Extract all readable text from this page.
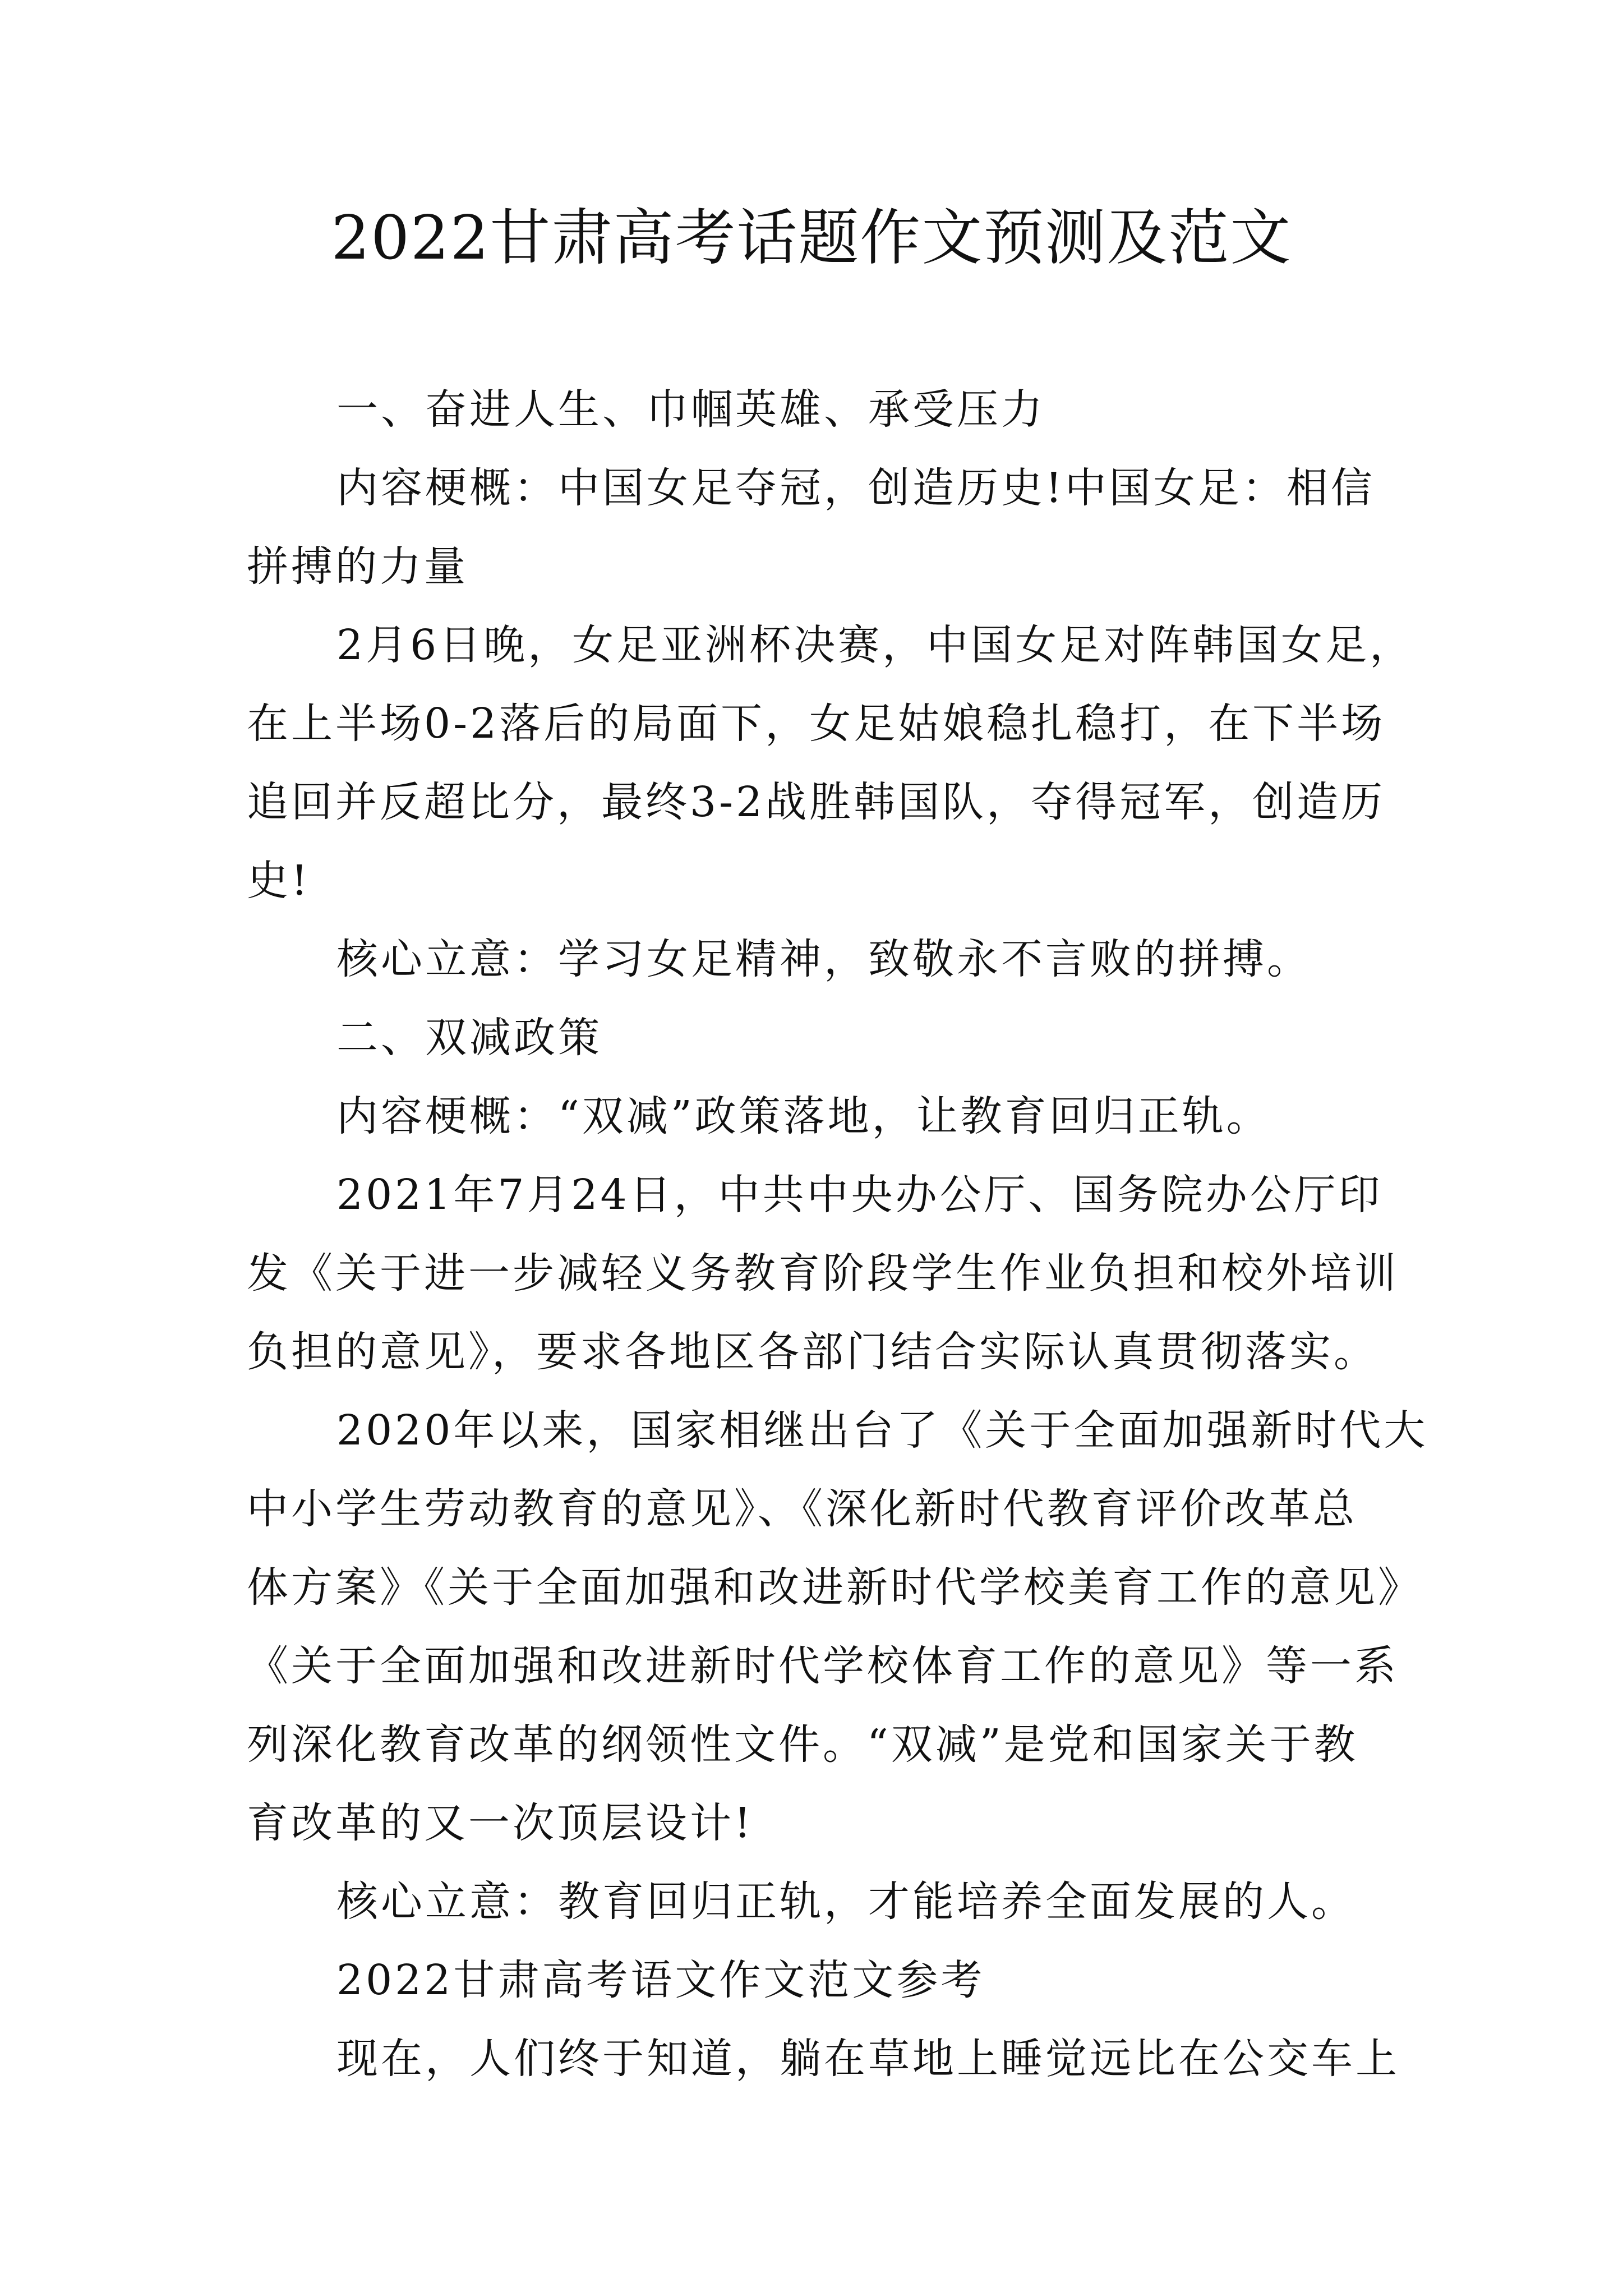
2022甘肃高考话题作文预测及范文
一、奋进人生、巾帼英雄、承受压力
内容梗概：中国女足夺冠，创造历史!中国女足：相信
拼搏的力量
2月6日晚，女足亚洲杯决赛，中国女足对阵韩国女足，
在上半场0-2落后的局面下，女足姑娘稳扎稳打，在下半场
追回并反超比分，最终3-2战胜韩国队，夺得冠军，创造历
史!
核心立意：学习女足精神，致敬永不言败的拼搏。
二、双减政策
内容梗概：“双减”政策落地，让教育回归正轨。
2021年7月24日，中共中央办公厅、国务院办公厅印
发《关于进一步减轻义务教育阶段学生作业负担和校外培训
负担的意见》，要求各地区各部门结合实际认真贯彻落实。
2020年以来，国家相继出台了《关于全面加强新时代大
中小学生劳动教育的意见》、《深化新时代教育评价改革总
体方案》《关于全面加强和改进新时代学校美育工作的意见》
《关于全面加强和改进新时代学校体育工作的意见》等一系
列深化教育改革的纲领性文件。“双减”是党和国家关于教
育改革的又一次顶层设计!
核心立意：教育回归正轨，才能培养全面发展的人。
2022甘肃高考语文作文范文参考
现在，人们终于知道，躺在草地上睡觉远比在公交车上
